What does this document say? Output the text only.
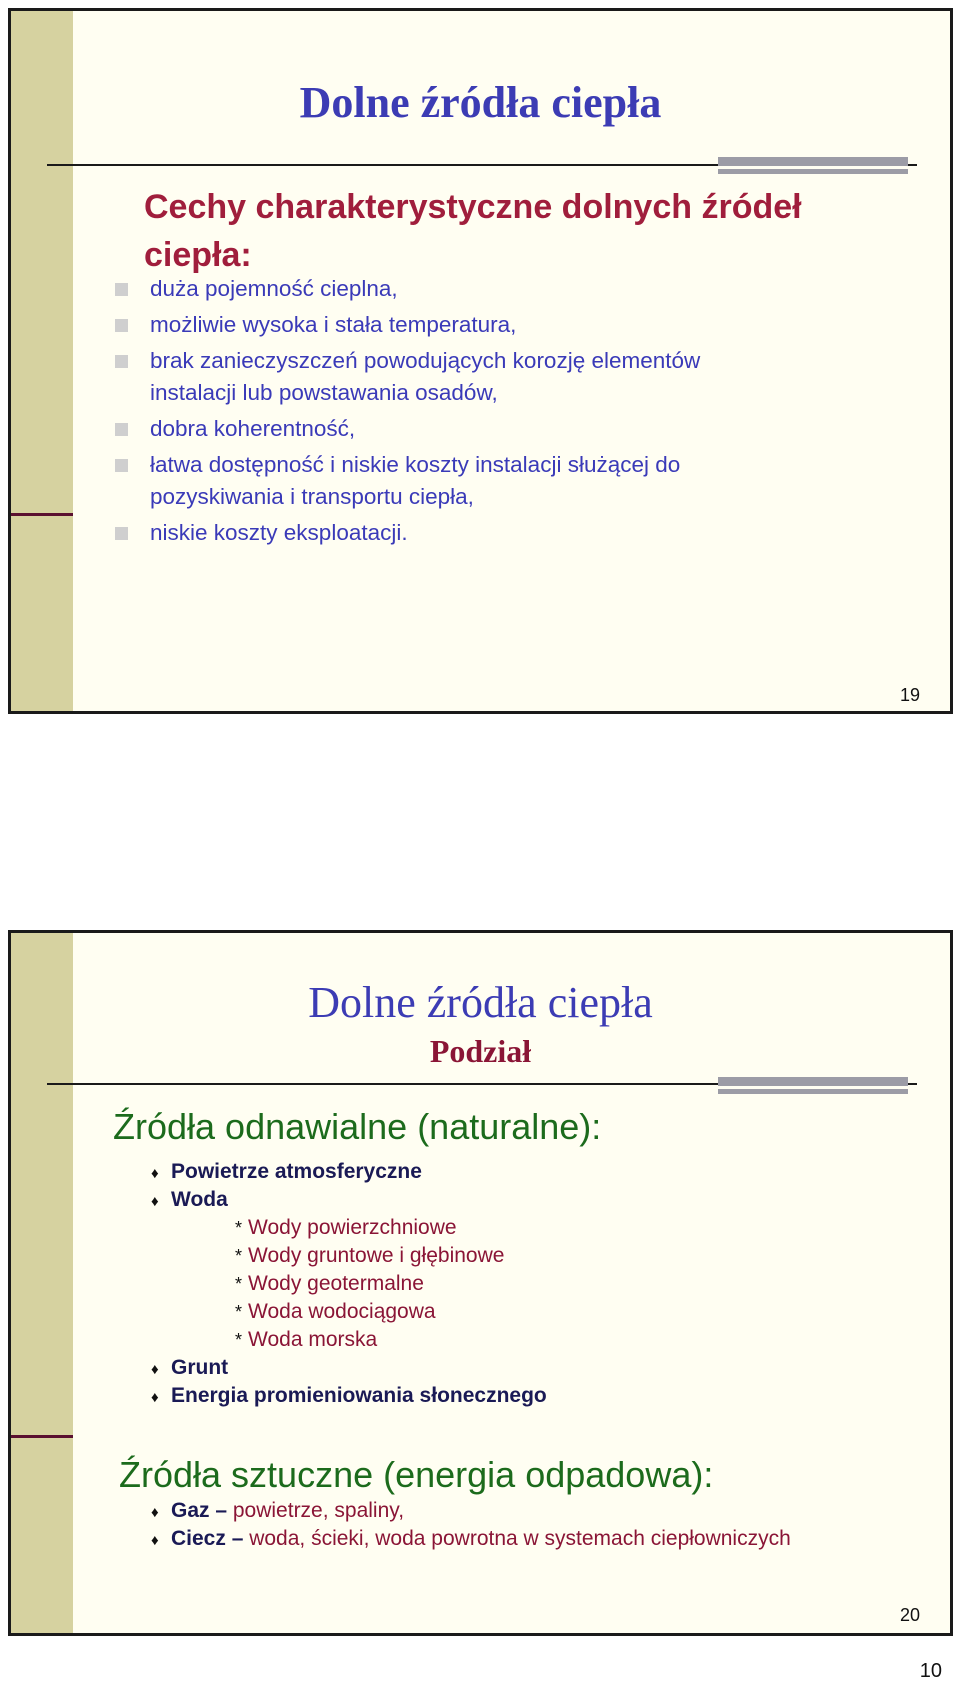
Dolne źródła ciepła
Cechy charakterystyczne dolnych źródeł
ciepła:
duża pojemność cieplna,
możliwie wysoka i stała temperatura,
brak zanieczyszczeń powodujących korozję elementów
instalacji lub powstawania osadów,
dobra koherentność,
łatwa dostępność i niskie koszty instalacji służącej do
pozyskiwania i transportu ciepła,
niskie koszty eksploatacji.
19
Dolne źródła ciepła
Podział
Źródła odnawialne (naturalne):
♦ Powietrze atmosferyczne
♦ Woda
* Wody powierzchniowe
* Wody gruntowe i głębinowe
* Wody geotermalne
* Woda wodociągowa
* Woda morska
♦ Grunt
♦ Energia promieniowania słonecznego
Źródła sztuczne (energia odpadowa):
♦ Gaz – powietrze, spaliny,
♦ Ciecz – woda, ścieki, woda powrotna w systemach ciepłowniczych
20
10
